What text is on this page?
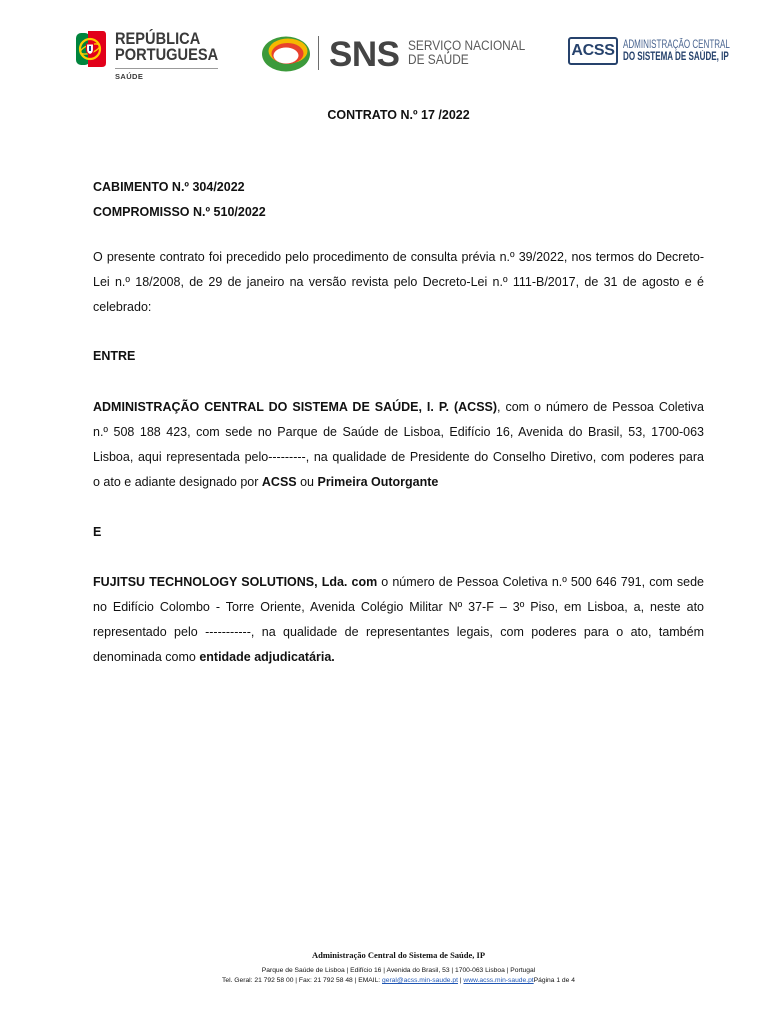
REPÚBLICA
PORTUGUESA
SAÚDE
SNS SERVIÇO NACIONAL
DE SAÚDE
ACSS ADMINISTRAÇÃO CENTRAL
DO SISTEMA DE SAÚDE, IP
CONTRATO N.º 17 /2022
CABIMENTO N.º 304/2022
COMPROMISSO N.º 510/2022
O presente contrato foi precedido pelo procedimento de consulta prévia n.º 39/2022, nos termos do Decreto-
Lei n.º 18/2008, de 29 de janeiro na versão revista pelo Decreto-Lei n.º 111-B/2017, de 31 de agosto e é
celebrado:
ENTRE
ADMINISTRAÇÃO CENTRAL DO SISTEMA DE SAÚDE, I. P. (ACSS), com o número de Pessoa Coletiva
n.º 508 188 423, com sede no Parque de Saúde de Lisboa, Edifício 16, Avenida do Brasil, 53, 1700-063
Lisboa, aqui representada pelo---------, na qualidade de Presidente do Conselho Diretivo, com poderes para
o ato e adiante designado por ACSS ou Primeira Outorgante
E
FUJITSU TECHNOLOGY SOLUTIONS, Lda. com o número de Pessoa Coletiva n.º 500 646 791, com sede
no Edifício Colombo - Torre Oriente, Avenida Colégio Militar Nº 37-F – 3º Piso, em Lisboa, a, neste ato
representado pelo -----------, na qualidade de representantes legais, com poderes para o ato, também
denominada como entidade adjudicatária.
Administração Central do Sistema de Saúde, IP
Parque de Saúde de Lisboa | Edifício 16 | Avenida do Brasil, 53 | 1700-063 Lisboa | Portugal
Tel. Geral: 21 792 58 00 | Fax: 21 792 58 48 | EMAIL: geral@acss.min-saude.pt | www.acss.min-saude.ptPágina 1 de 4
